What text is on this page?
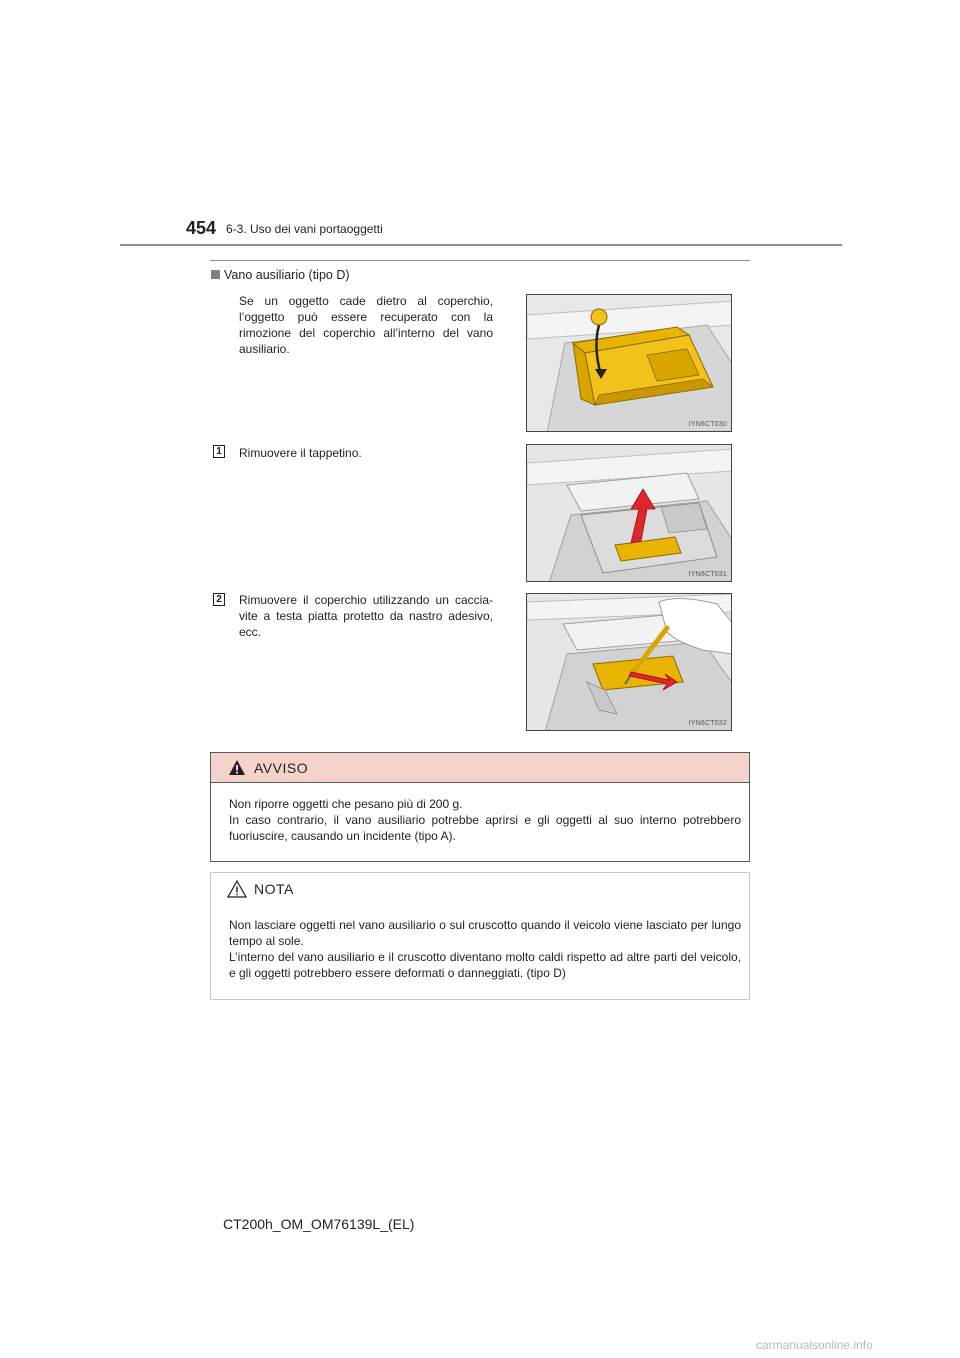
454 6-3. Uso dei vani portaoggetti
Vano ausiliario (tipo D)

Se un oggetto cade dietro al coperchio, l’oggetto può essere recuperato con la rimozione del coperchio all’interno del vano ausiliario.

IYN6CT030
1 Rimuovere il tappetino.

IYN6CT031
2 Rimuovere il coperchio utilizzando un caccia-vite a testa piatta protetto da nastro adesivo, ecc.

IYN6CT032
AVVISO
Non riporre oggetti che pesano più di 200 g.
In caso contrario, il vano ausiliario potrebbe aprirsi e gli oggetti al suo interno potrebbero fuoriuscire, causando un incidente (tipo A).
NOTA
Non lasciare oggetti nel vano ausiliario o sul cruscotto quando il veicolo viene lasciato per lungo tempo al sole.
L’interno del vano ausiliario e il cruscotto diventano molto caldi rispetto ad altre parti del veicolo, e gli oggetti potrebbero essere deformati o danneggiati. (tipo D)
CT200h_OM_OM76139L_(EL)
carmanualsonline.info
